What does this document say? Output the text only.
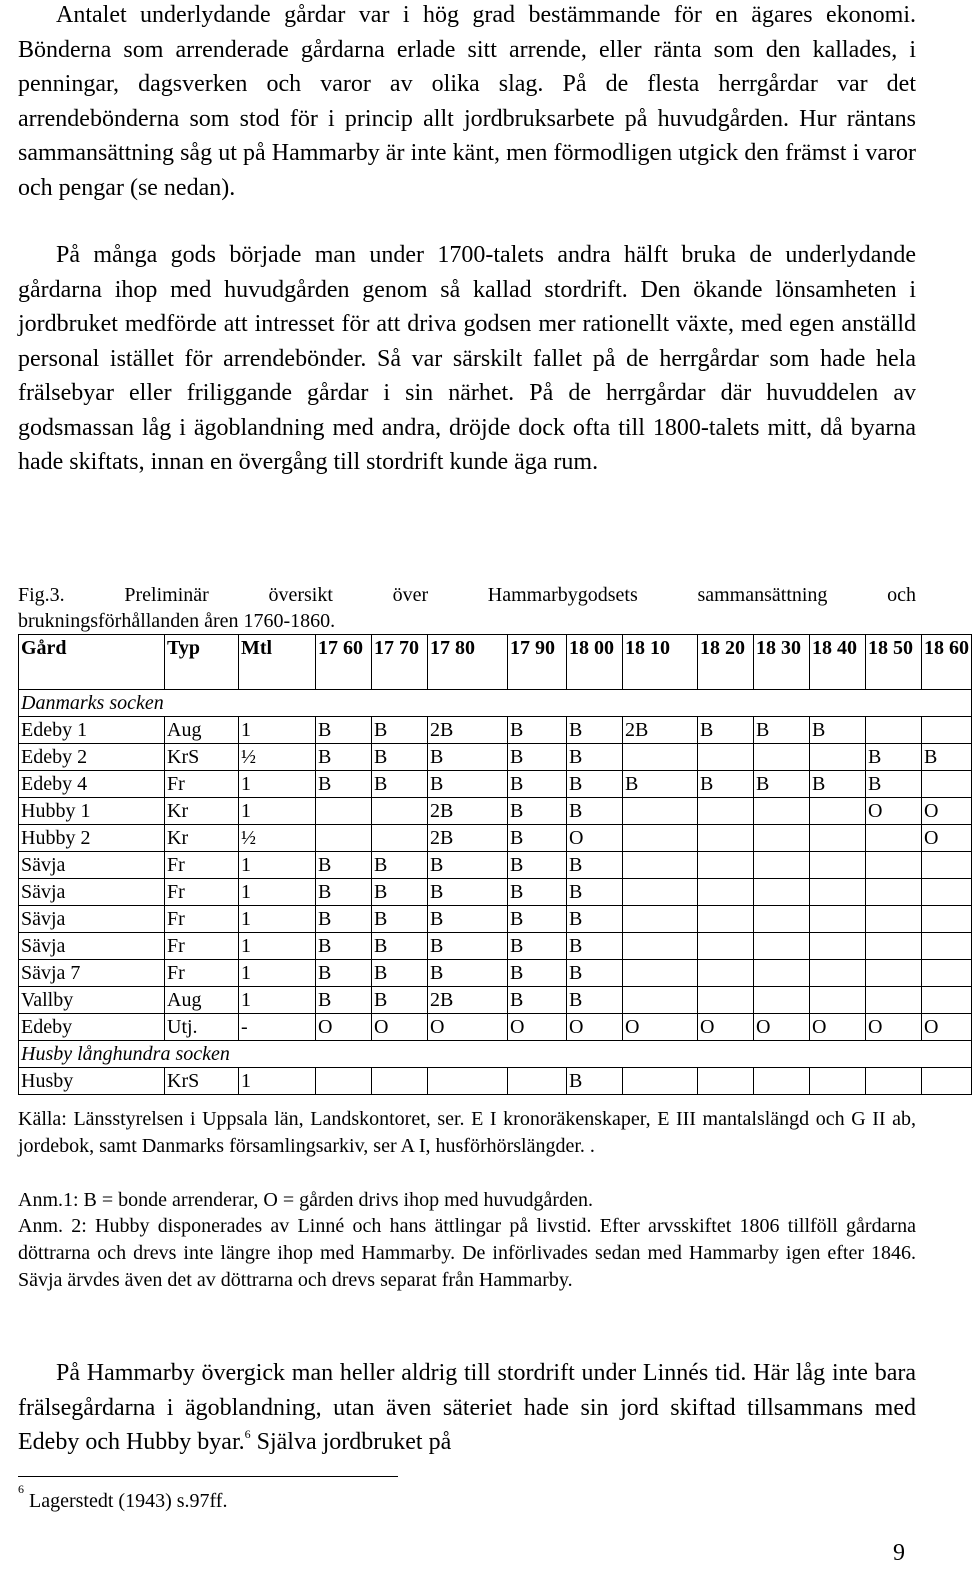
Antalet underlydande gårdar var i hög grad bestämmande för en ägares ekonomi. Bönderna som arrenderade gårdarna erlade sitt arrende, eller ränta som den kallades, i penningar, dagsverken och varor av olika slag. På de flesta herrgårdar var det arrendebönderna som stod för i princip allt jordbruksarbete på huvudgården. Hur räntans sammansättning såg ut på Hammarby är inte känt, men förmodligen utgick den främst i varor och pengar (se nedan).

På många gods började man under 1700-talets andra hälft bruka de underlydande gårdarna ihop med huvudgården genom så kallad stordrift. Den ökande lönsamheten i jordbruket medförde att intresset för att driva godsen mer rationellt växte, med egen anställd personal istället för arrendebönder. Så var särskilt fallet på de herrgårdar som hade hela frälsebyar eller friliggande gårdar i sin närhet. På de herrgårdar där huvuddelen av godsmassan låg i ägoblandning med andra, dröjde dock ofta till 1800-talets mitt, då byarna hade skiftats, innan en övergång till stordrift kunde äga rum.

Fig.3. Preliminär översikt över Hammarbygodsets sammansättning och
brukningsförhållanden åren 1760-1860.

Gård	Typ	Mtl	17 60	17 70	17 80	17 90	18 00	18 10	18 20	18 30	18 40	18 50	18 60
Danmarks socken													
Edeby 1	Aug	1	B	B	2B	B	B	2B	B	B	B		
Edeby 2	KrS	½	B	B	B	B	B					B	B
Edeby 4	Fr	1	B	B	B	B	B	B	B	B	B	B	
Hubby 1	Kr	1			2B	B	B					O	O
Hubby 2	Kr	½			2B	B	O						O
Sävja	Fr	1	B	B	B	B	B						
Sävja	Fr	1	B	B	B	B	B						
Sävja	Fr	1	B	B	B	B	B						
Sävja	Fr	1	B	B	B	B	B						
Sävja 7	Fr	1	B	B	B	B	B						
Vallby	Aug	1	B	B	2B	B	B						
Edeby	Utj.	-	O	O	O	O	O	O	O	O	O	O	O
Husby långhundra socken													
Husby	KrS	1					B						

Källa: Länsstyrelsen i Uppsala län, Landskontoret, ser. E I kronoräkenskaper, E III mantalslängd och G II ab, jordebok, samt Danmarks församlingsarkiv, ser A I, husförhörslängder. .

Anm.1: B = bonde arrenderar, O = gården drivs ihop med huvudgården.

Anm. 2: Hubby disponerades av Linné och hans ättlingar på livstid. Efter arvsskiftet 1806 tillföll gårdarna döttrarna och drevs inte längre ihop med Hammarby. De införlivades sedan med Hammarby igen efter 1846. Sävja ärvdes även det av döttrarna och drevs separat från Hammarby.

På Hammarby övergick man heller aldrig till stordrift under Linnés tid. Här låg inte bara frälsegårdarna i ägoblandning, utan även säteriet hade sin jord skiftad tillsammans med Edeby och Hubby byar.$^6$ Själva jordbruket på

$^6$ Lagerstedt (1943) s.97ff.

9
